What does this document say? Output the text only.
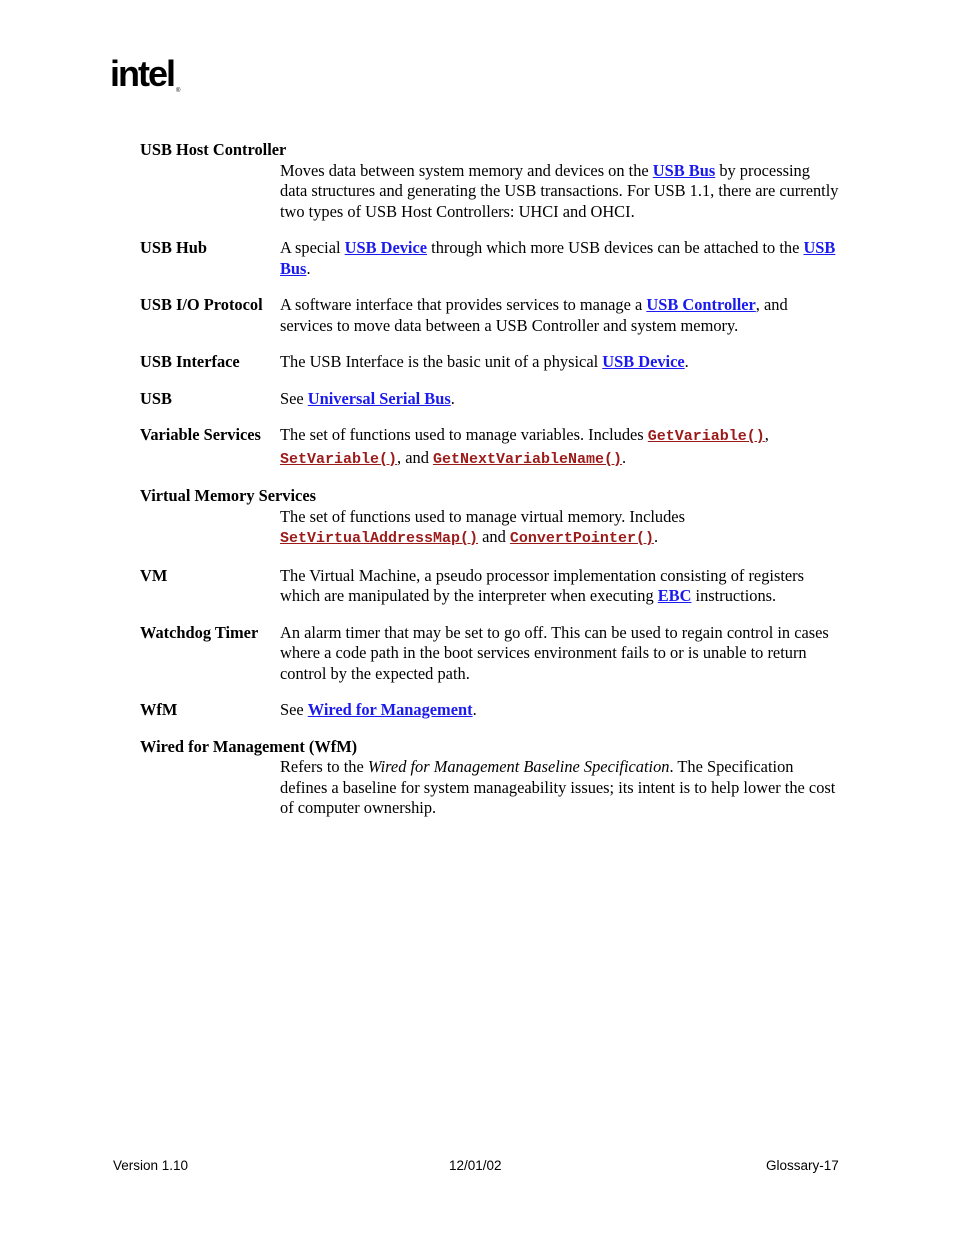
intel ®
USB Host Controller
Moves data between system memory and devices on the USB Bus by processing data structures and generating the USB transactions. For USB 1.1, there are currently two types of USB Host Controllers: UHCI and OHCI.
USB Hub	A special USB Device through which more USB devices can be attached to the USB Bus.
USB I/O Protocol	A software interface that provides services to manage a USB Controller, and services to move data between a USB Controller and system memory.
USB Interface	The USB Interface is the basic unit of a physical USB Device.
USB	See Universal Serial Bus.
Variable Services	The set of functions used to manage variables. Includes GetVariable(), SetVariable(), and GetNextVariableName().
Virtual Memory Services
The set of functions used to manage virtual memory. Includes SetVirtualAddressMap() and ConvertPointer().
VM	The Virtual Machine, a pseudo processor implementation consisting of registers which are manipulated by the interpreter when executing EBC instructions.
Watchdog Timer	An alarm timer that may be set to go off. This can be used to regain control in cases where a code path in the boot services environment fails to or is unable to return control by the expected path.
WfM	See Wired for Management.
Wired for Management (WfM)
Refers to the Wired for Management Baseline Specification. The Specification defines a baseline for system manageability issues; its intent is to help lower the cost of computer ownership.
Version 1.10	12/01/02	Glossary-17
